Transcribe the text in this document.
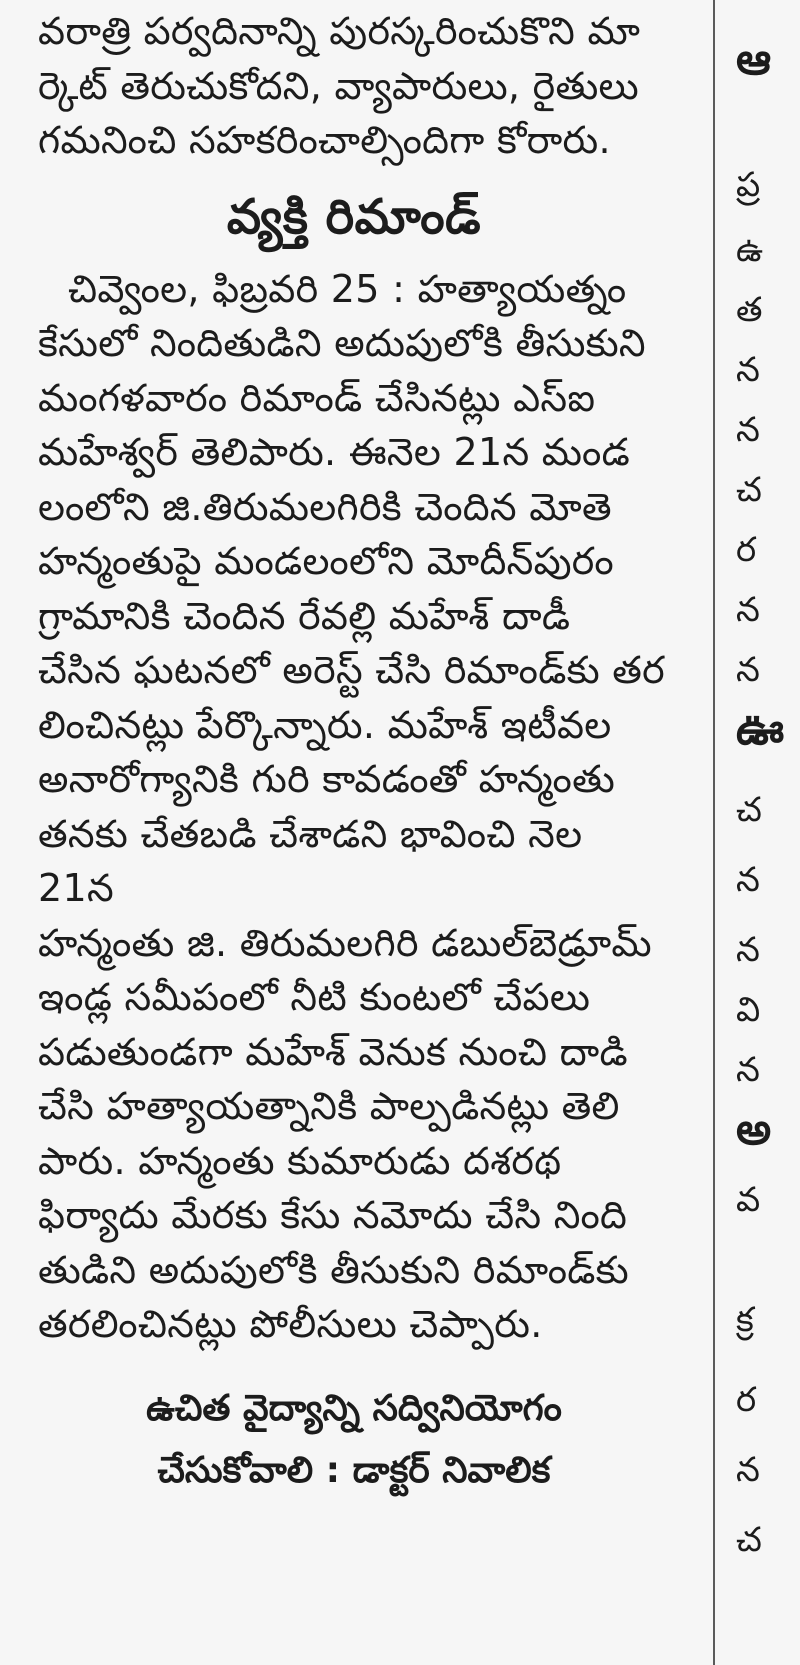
వరాత్రి పర్వదినాన్ని పురస్కరించుకొని మా
ర్కెట్ తెరుచుకోదని, వ్యాపారులు, రైతులు
గమనించి సహకరించాల్సిందిగా కోరారు.

వ్యక్తి రిమాండ్

చివ్వెంల, ఫిబ్రవరి 25 : హత్యాయత్నం
కేసులో నిందితుడిని అదుపులోకి తీసుకుని
మంగళవారం రిమాండ్ చేసినట్లు ఎస్ఐ
మహేశ్వర్ తెలిపారు. ఈనెల 21న మండ
లంలోని జి.తిరుమలగిరికి చెందిన మోతె
హన్మంతుపై మండలంలోని మోదీన్‌పురం
గ్రామానికి చెందిన రేవల్లి మహేశ్ దాడీ
చేసిన ఘటనలో అరెస్ట్ చేసి రిమాండ్‌కు తర
లించినట్లు పేర్కొన్నారు. మహేశ్ ఇటీవల
అనారోగ్యానికి గురి కావడంతో హన్మంతు
తనకు చేతబడి చేశాడని భావించి నెల 21న
హన్మంతు జి. తిరుమలగిరి డబుల్‌బెడ్రూమ్
ఇండ్ల సమీపంలో నీటి కుంటలో చేపలు
పడుతుండగా మహేశ్ వెనుక నుంచి దాడి
చేసి హత్యాయత్నానికి పాల్పడినట్లు తెలి
పారు. హన్మంతు కుమారుడు దశరథ
ఫిర్యాదు మేరకు కేసు నమోదు చేసి నింది
తుడిని అదుపులోకి తీసుకుని రిమాండ్‌కు
తరలించినట్లు పోలీసులు చెప్పారు.

ఉచిత వైద్యాన్ని సద్వినియోగం
చేసుకోవాలి : డాక్టర్ నివాలిక
ఆ
ప్ర
ఉ
త
న
న
చ
ర
న
న
ఊ
చ
న
న
వి
న
అ
వ
క్ర
ర
న
చ
